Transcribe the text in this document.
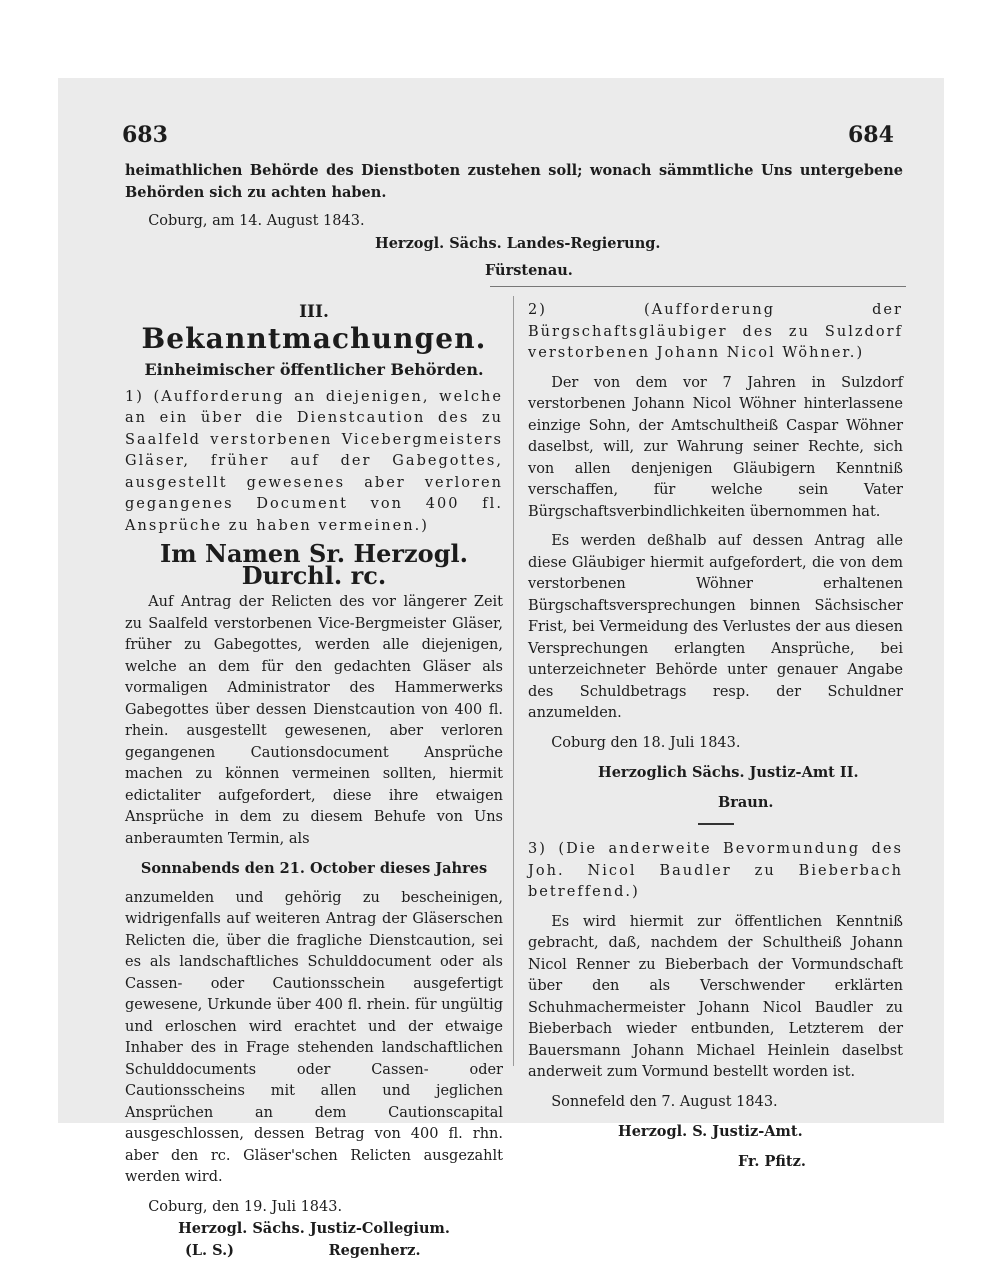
683	684

heimathlichen Behörde des Dienstboten zustehen soll; wonach sämmtliche Uns untergebene Behörden sich zu achten haben.

Coburg, am 14. August 1843.

Herzogl. Sächs. Landes-Regierung.

Fürstenau.

III.

Bekanntmachungen.

Einheimischer öffentlicher Behörden.

1) (Aufforderung an diejenigen, welche an ein über die Dienstcaution des zu Saalfeld verstorbenen Vicebergmeisters Gläser, früher auf der Gabegottes, ausgestellt gewesenes aber verloren gegangenes Document von 400 fl. Ansprüche zu haben vermeinen.)

Im Namen Sr. Herzogl. Durchl. rc.

Auf Antrag der Relicten des vor längerer Zeit zu Saalfeld verstorbenen Vice-Bergmeister Gläser, früher zu Gabegottes, werden alle diejenigen, welche an dem für den gedachten Gläser als vormaligen Administrator des Hammerwerks Gabegottes über dessen Dienstcaution von 400 fl. rhein. ausgestellt gewesenen, aber verloren gegangenen Cautionsdocument Ansprüche machen zu können vermeinen sollten, hiermit edictaliter aufgefordert, diese ihre etwaigen Ansprüche in dem zu diesem Behufe von Uns anberaumten Termin, als

Sonnabends den 21. October dieses Jahres

anzumelden und gehörig zu bescheinigen, widrigenfalls auf weiteren Antrag der Gläserschen Relicten die, über die fragliche Dienstcaution, sei es als landschaftliches Schulddocument oder als Cassen- oder Cautionsschein ausgefertigt gewesene, Urkunde über 400 fl. rhein. für ungültig und erloschen wird erachtet und der etwaige Inhaber des in Frage stehenden landschaftlichen Schulddocuments oder Cassen- oder Cautionsscheins mit allen und jeglichen Ansprüchen an dem Cautionscapital ausgeschlossen, dessen Betrag von 400 fl. rhn. aber den rc. Gläser'schen Relicten ausgezahlt werden wird.

Coburg, den 19. Juli 1843.

Herzogl. Sächs. Justiz-Collegium.

(L. S.)	Regenherz.

2) (Aufforderung der Bürgschaftsgläubiger des zu Sulzdorf verstorbenen Johann Nicol Wöhner.)

Der von dem vor 7 Jahren in Sulzdorf verstorbenen Johann Nicol Wöhner hinterlassene einzige Sohn, der Amtschultheiß Caspar Wöhner daselbst, will, zur Wahrung seiner Rechte, sich von allen denjenigen Gläubigern Kenntniß verschaffen, für welche sein Vater Bürgschaftsverbindlichkeiten übernommen hat.

Es werden deßhalb auf dessen Antrag alle diese Gläubiger hiermit aufgefordert, die von dem verstorbenen Wöhner erhaltenen Bürgschaftsversprechungen binnen Sächsischer Frist, bei Vermeidung des Verlustes der aus diesen Versprechungen erlangten Ansprüche, bei unterzeichneter Behörde unter genauer Angabe des Schuldbetrags resp. der Schuldner anzumelden.

Coburg den 18. Juli 1843.

Herzoglich Sächs. Justiz-Amt II.

Braun.

3) (Die anderweite Bevormundung des Joh. Nicol Baudler zu Bieberbach betreffend.)

Es wird hiermit zur öffentlichen Kenntniß gebracht, daß, nachdem der Schultheiß Johann Nicol Renner zu Bieberbach der Vormundschaft über den als Verschwender erklärten Schuhmachermeister Johann Nicol Baudler zu Bieberbach wieder entbunden, Letzterem der Bauersmann Johann Michael Heinlein daselbst anderweit zum Vormund bestellt worden ist.

Sonnefeld den 7. August 1843.

Herzogl. S. Justiz-Amt.

Fr. Pfitz.
